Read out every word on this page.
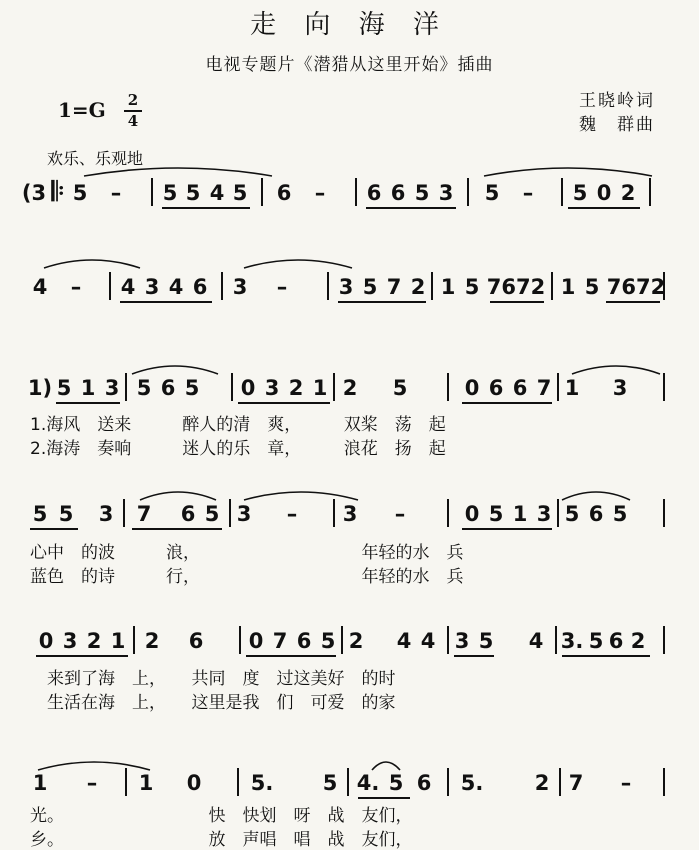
走 向 海 洋
电视专题片《潜猎从这里开始》插曲
1=G 2
4
王晓岭词
魏　群曲
欢乐、乐观地
(3 𝄆 5 – 5 5 4 5 6 – 6 6 5 3 5 – 5 0 2
4 – 4 3 4 6 3 – 3 5 7 2 1 5 7672 1 5 7672
1) 5 1 3 5 6 5 0 3 2 1 2 5	0 6 6 7 1 3
5 5 3 7 6 5 3 – 3 –	0 5 1 3 5 6 5
0 3 2 1 2 6 0 7 6 5 2 4 4 3 5 4 3. 5 6 2
1 – 1 0 5. 5 4. 5 6 5. 2 7 –
1.海风　送来　　　醉人的清　爽，　　　双桨　荡　起
2.海涛　奏响　　　迷人的乐　章，　　　浪花　扬　起
心中　的波　　　浪，　　　　　　　　　　年轻的水　兵
蓝色　的诗　　　行，　　　　　　　　　　年轻的水　兵
　来到了海　上，　　共同　度　过这美好　的时
　生活在海　上，　　这里是我　们　可爱　的家
光。　　　　　　　　　快　快划　呀　战　友们，
乡。　　　　　　　　　放　声唱　唱　战　友们，
